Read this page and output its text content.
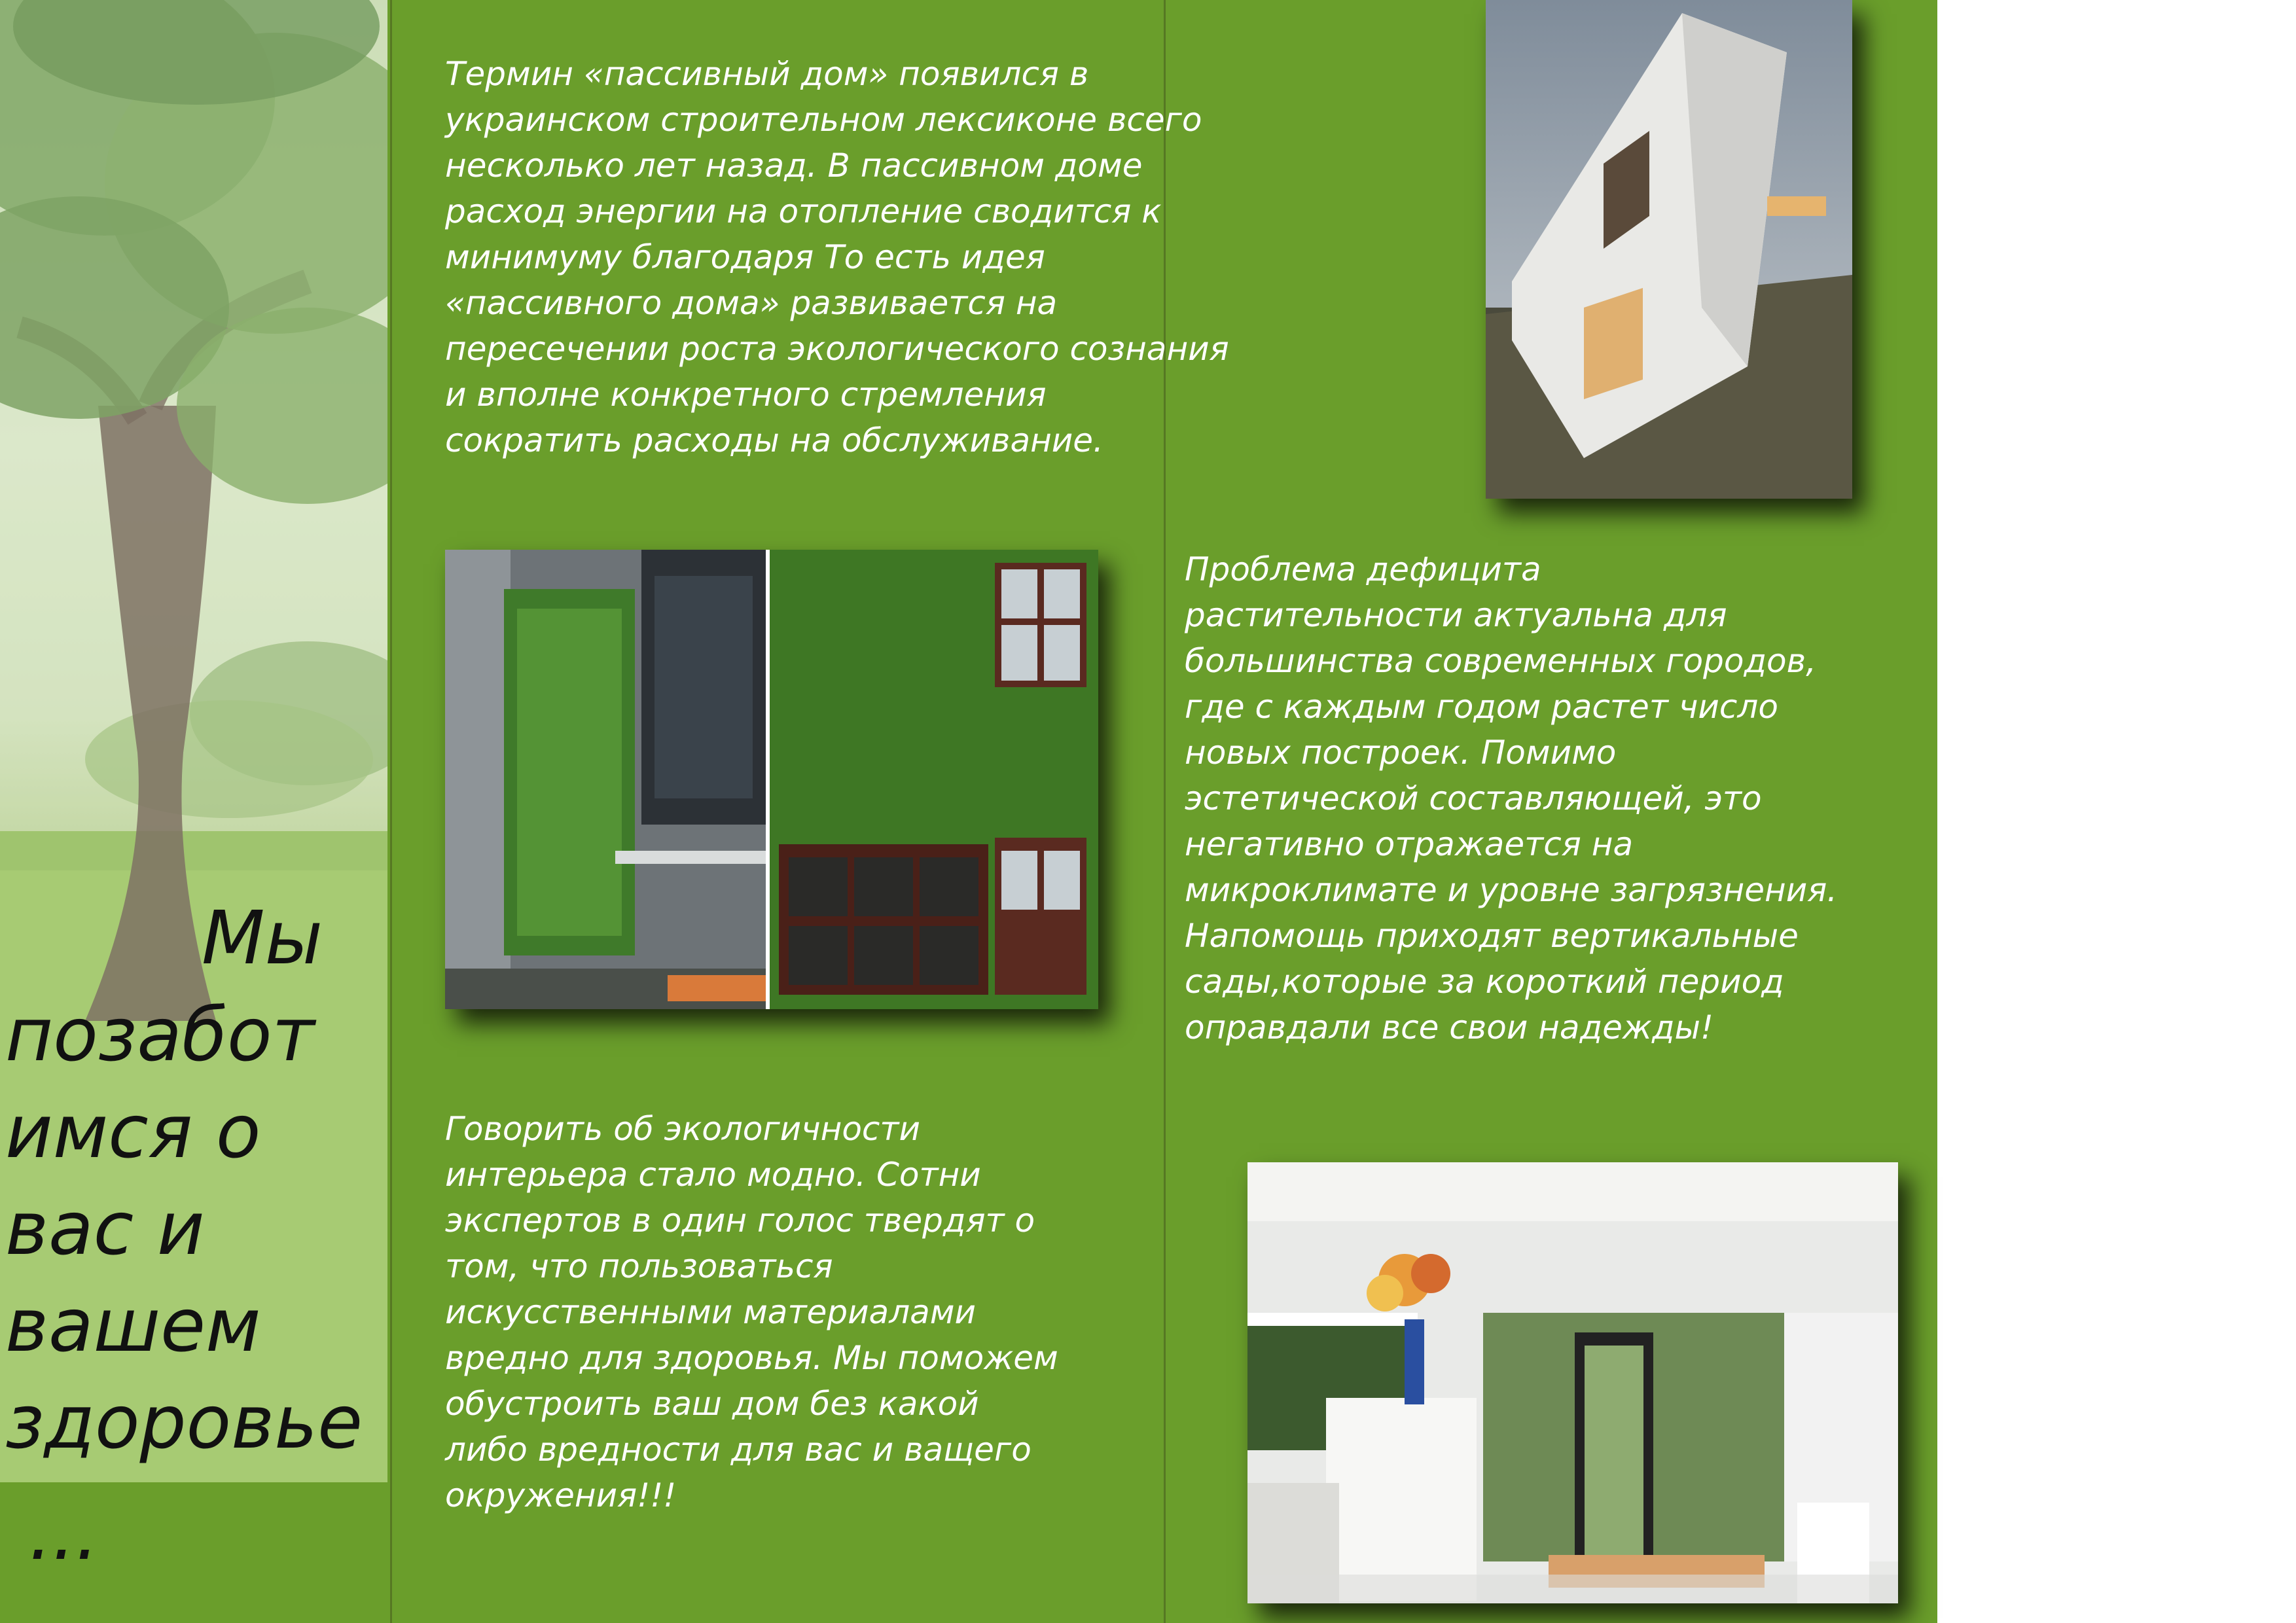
Мы
позабот
имся о
вас и
вашем
здоровье
...
Термин «пассивный дом» появился в
украинском строительном лексиконе всего
несколько лет назад. В пассивном доме
расход энергии на отопление сводится к
минимуму благодаря То есть идея
«пассивного дома» развивается на
пересечении роста экологического сознания
и вполне конкретного стремления
сократить расходы на обслуживание.
Проблема дефицита
растительности актуальна для
большинства современных городов,
где с каждым годом растет число
новых построек. Помимо
эстетической составляющей, это
негативно отражается на
микроклимате и уровне загрязнения.
Напомощь приходят вертикальные
сады,которые за короткий период
оправдали все свои надежды!
Говорить об экологичности
интерьера стало модно. Сотни
экспертов в один голос твердят о
том, что пользоваться
искусственными материалами
вредно для здоровья. Мы поможем
обустроить ваш дом без какой
либо вредности для вас и ващего
окружения!!!
